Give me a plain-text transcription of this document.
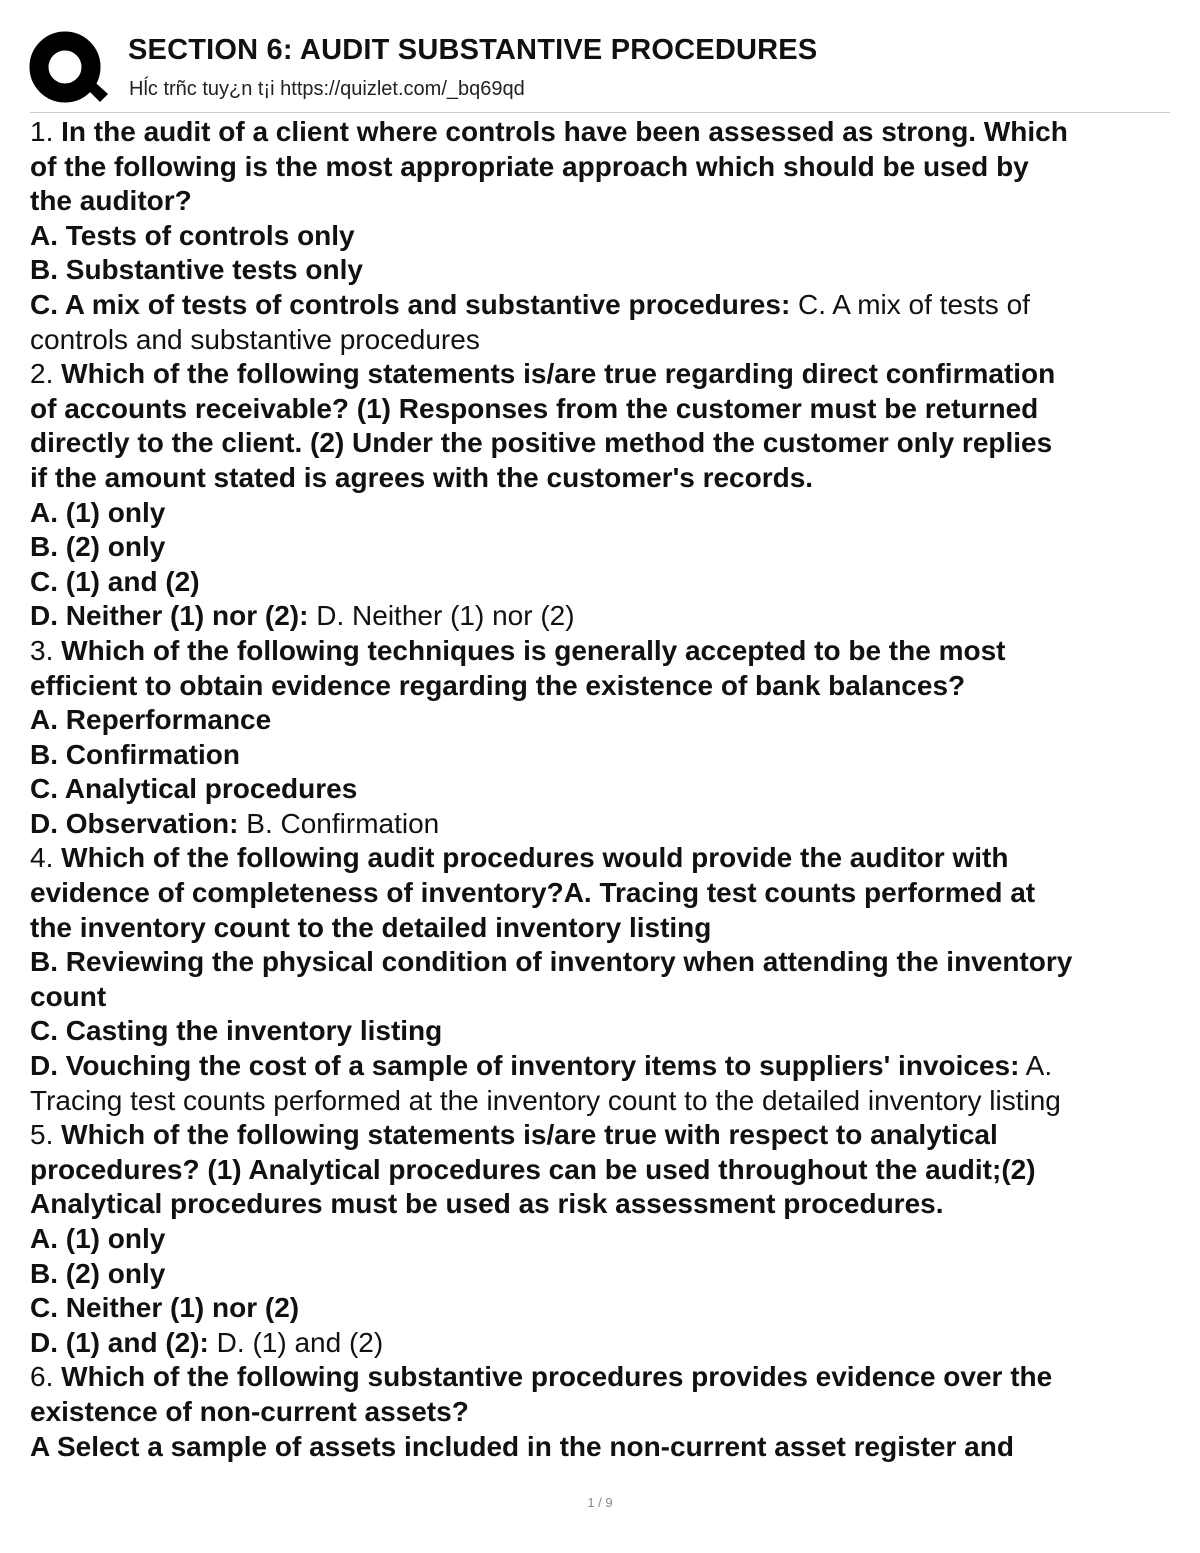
SECTION 6: AUDIT SUBSTANTIVE PROCEDURES
Hĺc trñc tuy¿n t¡i https://quizlet.com/_bq69qd
1. In the audit of a client where controls have been assessed as strong. Which
of the following is the most appropriate approach which should be used by
the auditor?
A. Tests of controls only
B. Substantive tests only
C. A mix of tests of controls and substantive procedures: C. A mix of tests of
controls and substantive procedures
2. Which of the following statements is/are true regarding direct confirmation
of accounts receivable? (1) Responses from the customer must be returned
directly to the client. (2) Under the positive method the customer only replies
if the amount stated is agrees with the customer's records.
A. (1) only
B. (2) only
C. (1) and (2)
D. Neither (1) nor (2): D. Neither (1) nor (2)
3. Which of the following techniques is generally accepted to be the most
efficient to obtain evidence regarding the existence of bank balances?
A. Reperformance
B. Confirmation
C. Analytical procedures
D. Observation: B. Confirmation
4. Which of the following audit procedures would provide the auditor with
evidence of completeness of inventory?A. Tracing test counts performed at
the inventory count to the detailed inventory listing
B. Reviewing the physical condition of inventory when attending the inventory
count
C. Casting the inventory listing
D. Vouching the cost of a sample of inventory items to suppliers' invoices: A.
Tracing test counts performed at the inventory count to the detailed inventory listing
5. Which of the following statements is/are true with respect to analytical
procedures? (1) Analytical procedures can be used throughout the audit;(2)
Analytical procedures must be used as risk assessment procedures.
A. (1) only
B. (2) only
C. Neither (1) nor (2)
D. (1) and (2): D. (1) and (2)
6. Which of the following substantive procedures provides evidence over the
existence of non-current assets?
A Select a sample of assets included in the non-current asset register and
1 / 9
